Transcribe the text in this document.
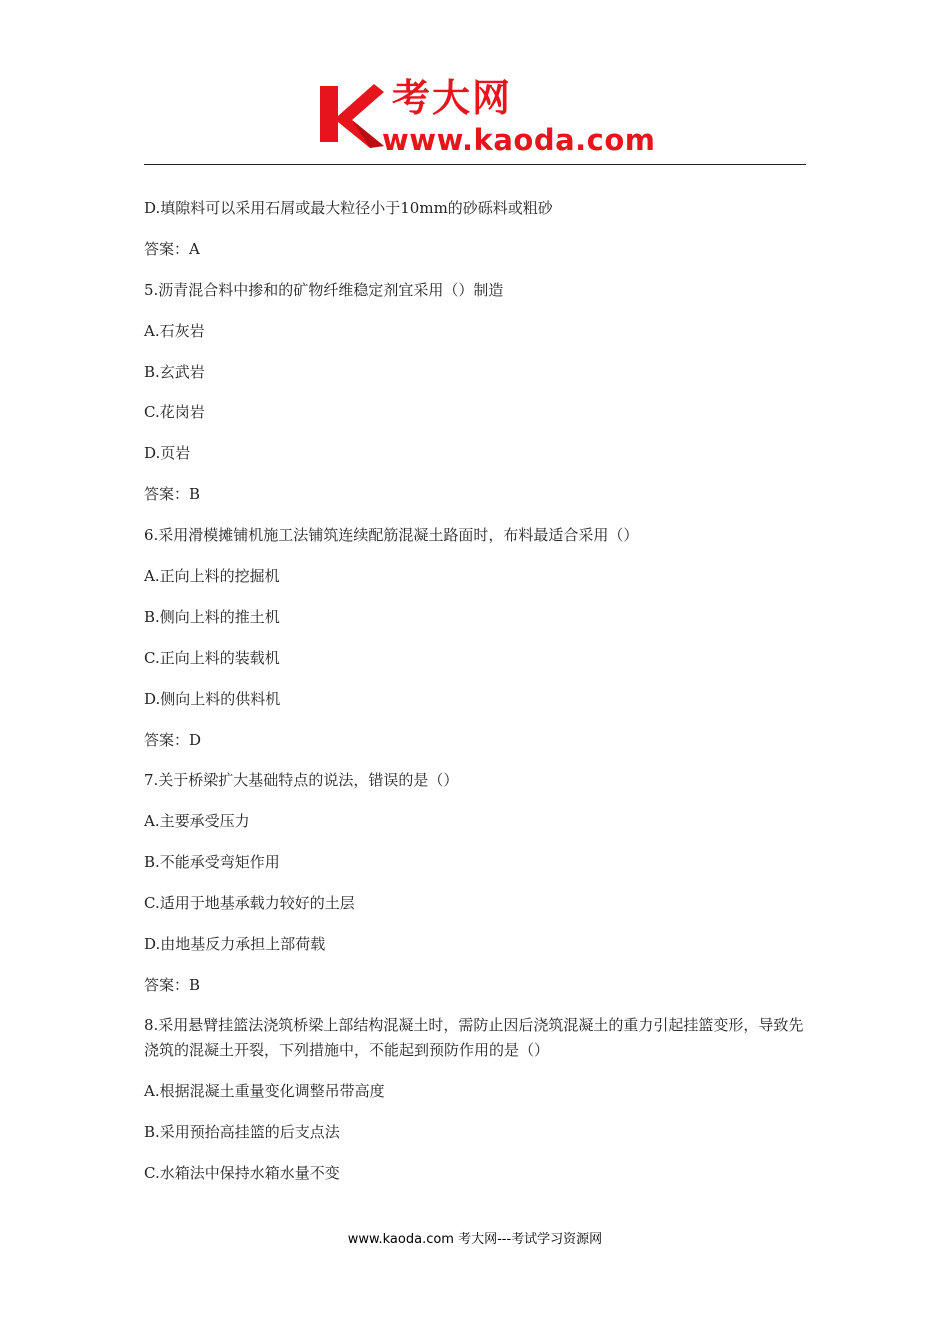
考大网
www.kaoda.com
D.填隙料可以采用石屑或最大粒径小于10mm的砂砾料或粗砂
答案：A
5.沥青混合料中掺和的矿物纤维稳定剂宜采用（）制造
A.石灰岩
B.玄武岩
C.花岗岩
D.页岩
答案：B
6.采用滑模摊铺机施工法铺筑连续配筋混凝土路面时，布料最适合采用（）
A.正向上料的挖掘机
B.侧向上料的推土机
C.正向上料的装载机
D.侧向上料的供料机
答案：D
7.关于桥梁扩大基础特点的说法，错误的是（）
A.主要承受压力
B.不能承受弯矩作用
C.适用于地基承载力较好的土层
D.由地基反力承担上部荷载
答案：B
8.采用悬臂挂篮法浇筑桥梁上部结构混凝土时，需防止因后浇筑混凝土的重力引起挂篮变形，导致先浇筑的混凝土开裂，下列措施中，不能起到预防作用的是（）
A.根据混凝土重量变化调整吊带高度
B.采用预抬高挂篮的后支点法
C.水箱法中保持水箱水量不变
www.kaoda.com 考大网---考试学习资源网
